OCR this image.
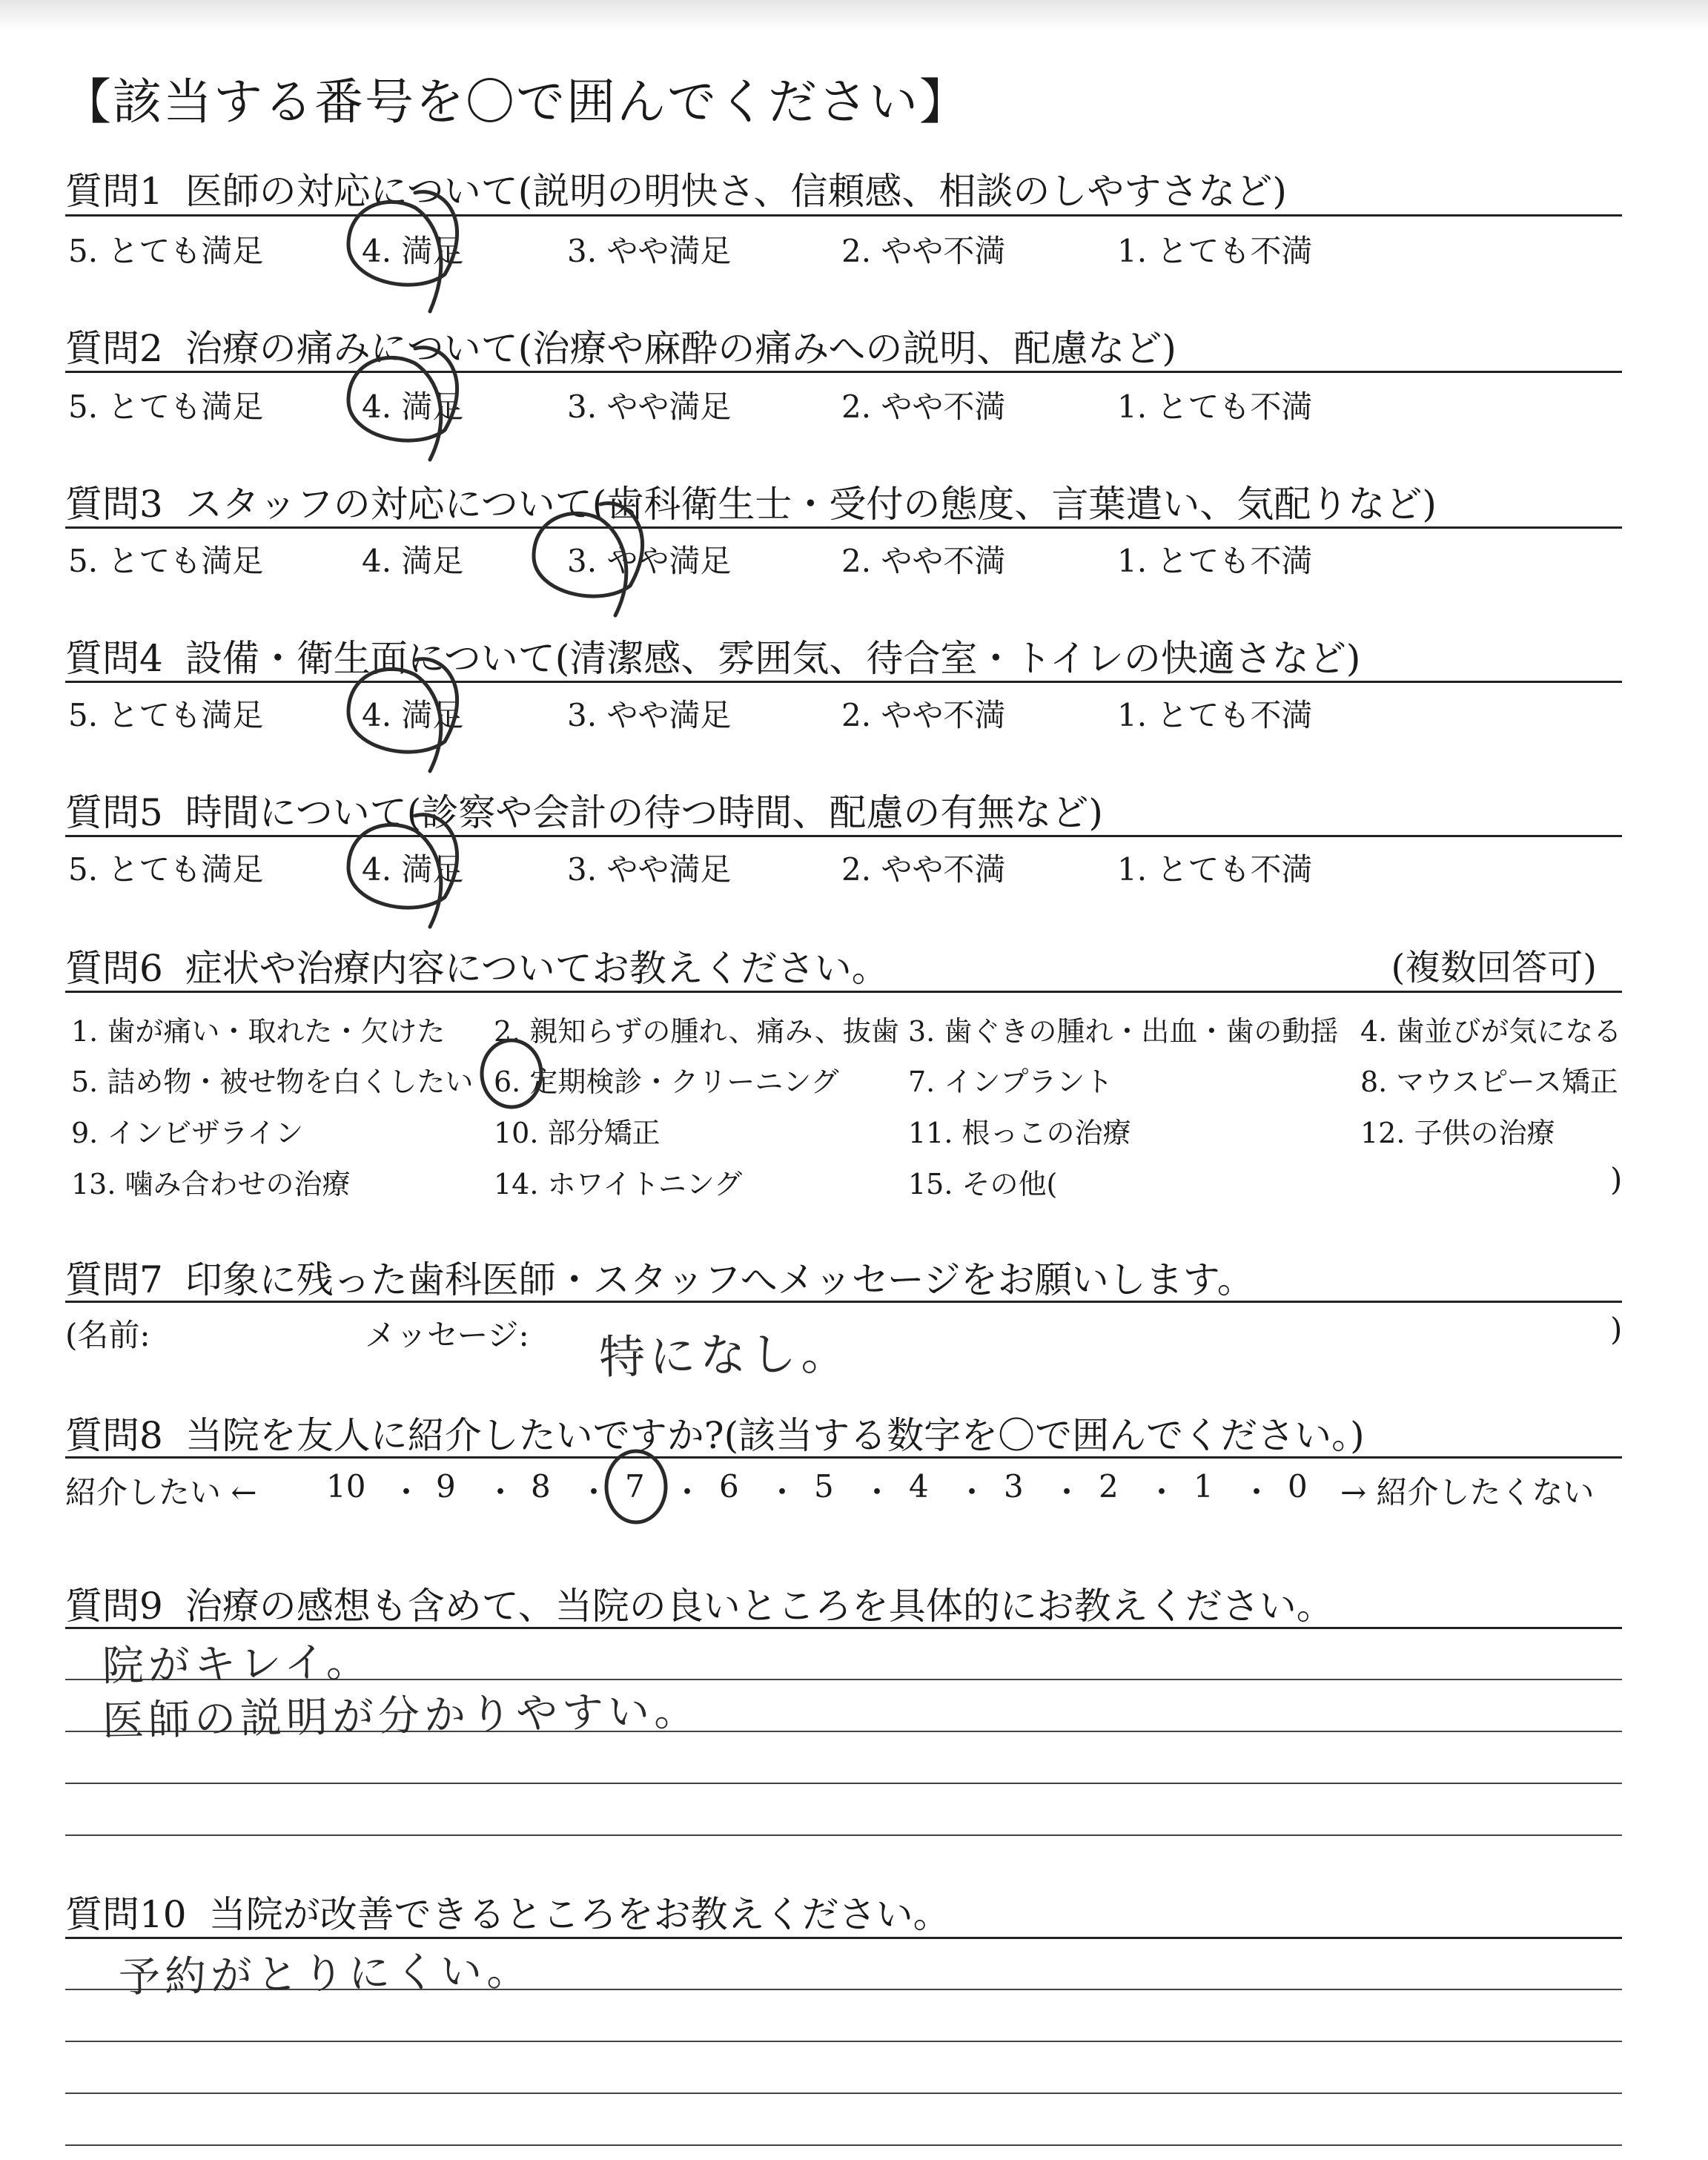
【該当する番号を〇で囲んでください】
質問1 医師の対応について(説明の明快さ、信頼感、相談のしやすさなど)
5. とても満足	4. 満足	3. やや満足	2. やや不満	1. とても不満
質問2 治療の痛みについて(治療や麻酔の痛みへの説明、配慮など)
5. とても満足	4. 満足	3. やや満足	2. やや不満	1. とても不満
質問3 スタッフの対応について(歯科衛生士・受付の態度、言葉遣い、気配りなど)
5. とても満足	4. 満足	3. やや満足	2. やや不満	1. とても不満
質問4 設備・衛生面について(清潔感、雰囲気、待合室・トイレの快適さなど)
5. とても満足	4. 満足	3. やや満足	2. やや不満	1. とても不満
質問5 時間について(診察や会計の待つ時間、配慮の有無など)
5. とても満足	4. 満足	3. やや満足	2. やや不満	1. とても不満
質問6 症状や治療内容についてお教えください。	(複数回答可)
1. 歯が痛い・取れた・欠けた 2. 親知らずの腫れ、痛み、抜歯 3. 歯ぐきの腫れ・出血・歯の動揺 4. 歯並びが気になる
5. 詰め物・被せ物を白くしたい 6. 定期検診・クリーニング 7. インプラント	8. マウスピース矯正
9. インビザライン	10. 部分矯正	11. 根っこの治療	12. 子供の治療
13. 噛み合わせの治療	14. ホワイトニング	15. その他(	)
質問7 印象に残った歯科医師・スタッフへメッセージをお願いします。
(名前:	メッセージ: 特になし。	)
質問8 当院を友人に紹介したいですか?(該当する数字を〇で囲んでください。)
紹介したい ← 10 ・ 9 ・ 8 ・ 7 ・ 6 ・ 5 ・ 4 ・ 3 ・ 2 ・ 1 ・ 0 → 紹介したくない
質問9 治療の感想も含めて、当院の良いところを具体的にお教えください。
院がキレイ。
医師の説明が分かりやすい。
質問10 当院が改善できるところをお教えください。
予約がとりにくい。
